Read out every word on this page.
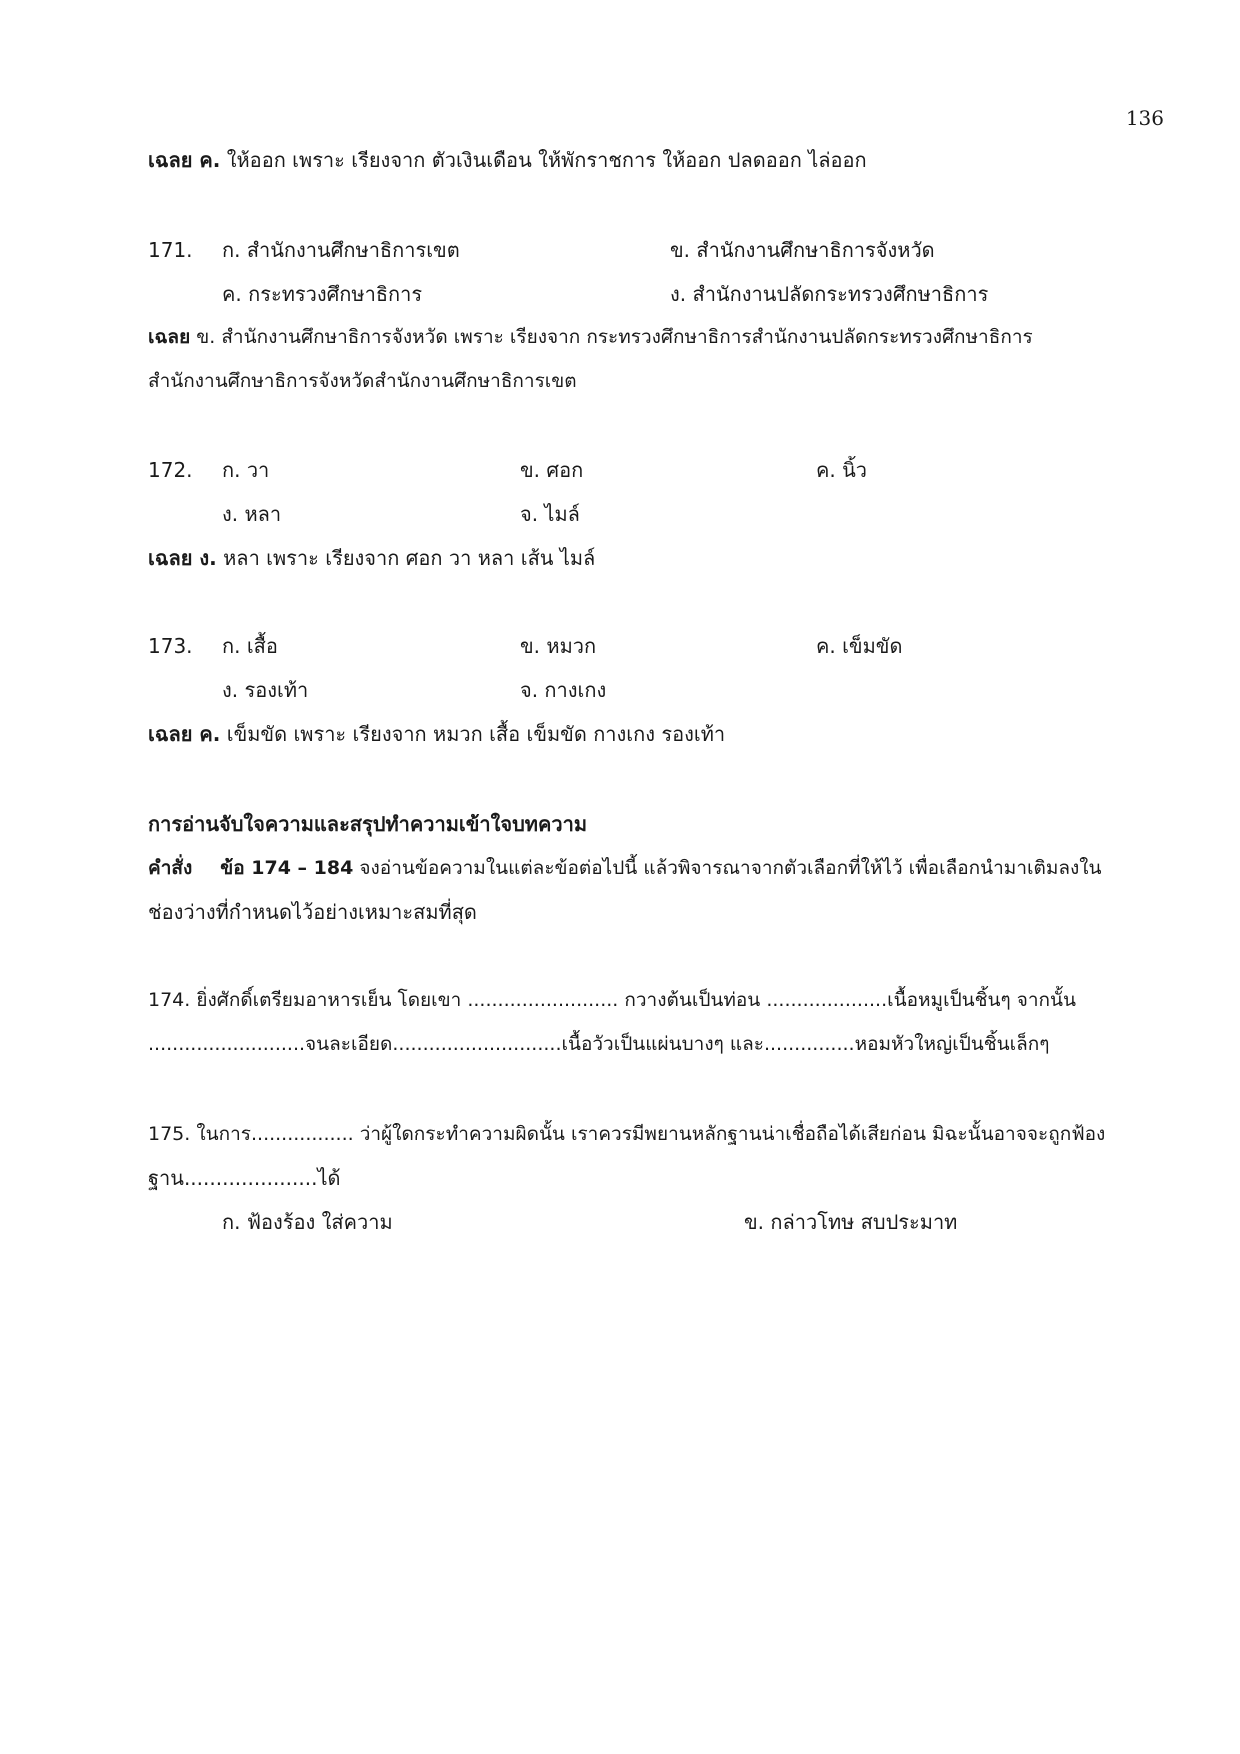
136
เฉลย ค. ให้ออก เพราะ เรียงจาก ตัวเงินเดือน ให้พักราชการ ให้ออก ปลดออก ไล่ออก
171. ก. สำนักงานศึกษาธิการเขต	ข. สำนักงานศึกษาธิการจังหวัด
ค. กระทรวงศึกษาธิการ	ง. สำนักงานปลัดกระทรวงศึกษาธิการ
เฉลย ข. สำนักงานศึกษาธิการจังหวัด เพราะ เรียงจาก กระทรวงศึกษาธิการสำนักงานปลัดกระทรวงศึกษาธิการ
สำนักงานศึกษาธิการจังหวัดสำนักงานศึกษาธิการเขต
172. ก. วา	ข. ศอก	ค. นิ้ว
ง. หลา	จ. ไมล์
เฉลย ง. หลา เพราะ เรียงจาก ศอก วา หลา เส้น ไมล์
173. ก. เสื้อ	ข. หมวก	ค. เข็มขัด
ง. รองเท้า	จ. กางเกง
เฉลย ค. เข็มขัด เพราะ เรียงจาก หมวก เสื้อ เข็มขัด กางเกง รองเท้า
การอ่านจับใจความและสรุปทำความเข้าใจบทความ
คำสั่ง ข้อ 174 – 184 จงอ่านข้อความในแต่ละข้อต่อไปนี้ แล้วพิจารณาจากตัวเลือกที่ให้ไว้ เพื่อเลือกนำมาเติมลงใน
ช่องว่างที่กำหนดไว้อย่างเหมาะสมที่สุด
174. ยิ่งศักดิ์เตรียมอาหารเย็น โดยเขา ......................... กวางต้นเป็นท่อน ....................เนื้อหมูเป็นชิ้นๆ จากนั้น
..........................จนละเอียด............................เนื้อวัวเป็นแผ่นบางๆ และ...............หอมหัวใหญ่เป็นชิ้นเล็กๆ
175. ในการ................. ว่าผู้ใดกระทำความผิดนั้น เราควรมีพยานหลักฐานน่าเชื่อถือได้เสียก่อน มิฉะนั้นอาจจะถูกฟ้อง
ฐาน.....................ได้
ก. ฟ้องร้อง ใส่ความ	ข. กล่าวโทษ สบประมาท
